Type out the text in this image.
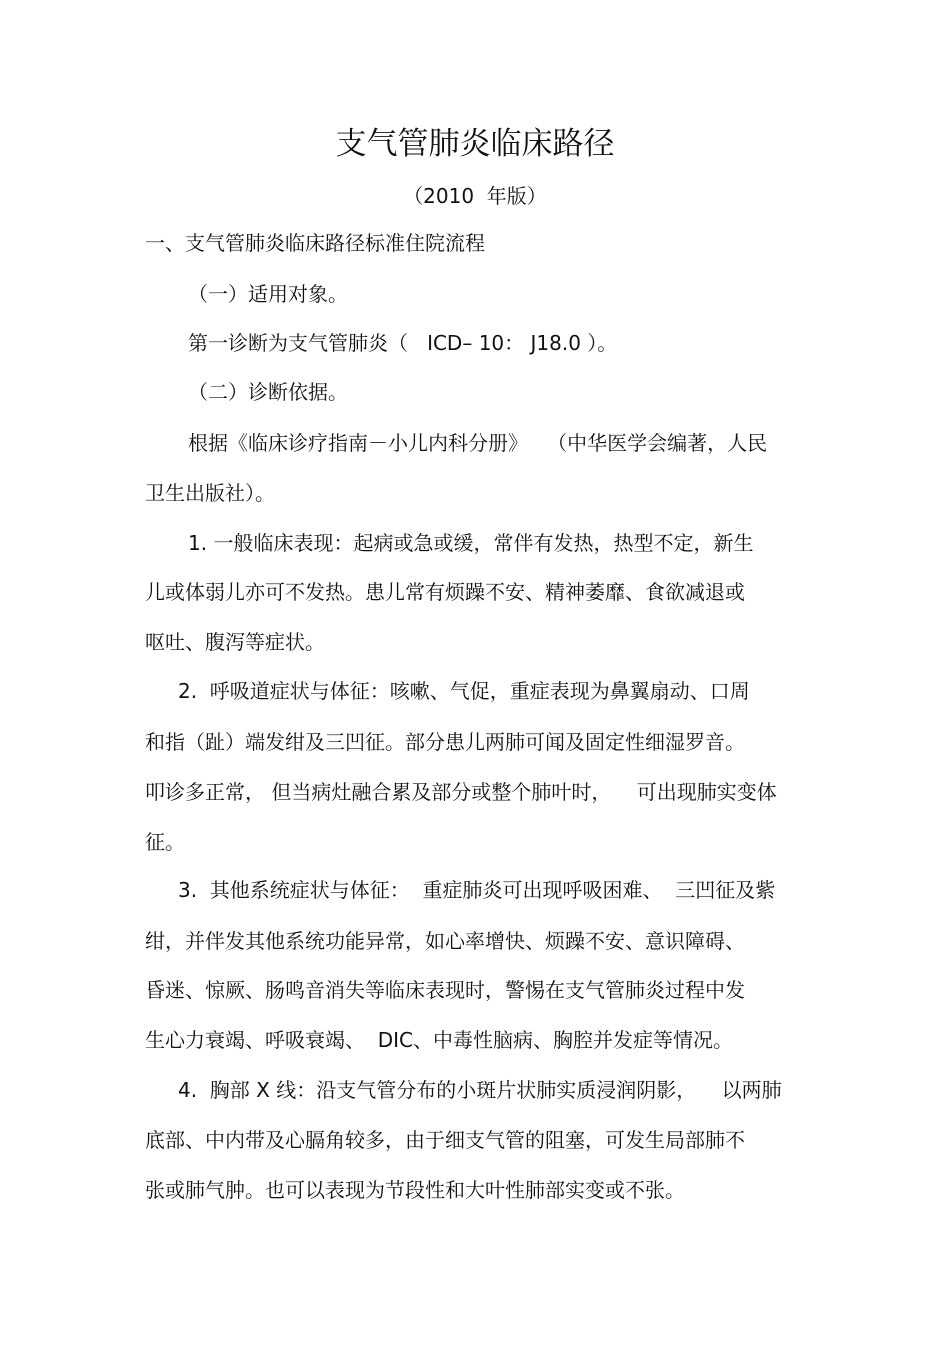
支气管肺炎临床路径
（2010  年版）
一、支气管肺炎临床路径标准住院流程
（一）适用对象。
第一诊断为支气管肺炎（   ICD– 10： J18.0 ）。
（二）诊断依据。
根据《临床诊疗指南－小儿内科分册》   （中华医学会编著，人民
卫生出版社）。
1. 一般临床表现：起病或急或缓，常伴有发热，热型不定，新生
儿或体弱儿亦可不发热。患儿常有烦躁不安、精神萎靡、食欲减退或
呕吐、腹泻等症状。
2.  呼吸道症状与体征：咳嗽、气促，重症表现为鼻翼扇动、口周
和指（趾）端发绀及三凹征。部分患儿两肺可闻及固定性细湿罗音。
叩诊多正常， 但当病灶融合累及部分或整个肺叶时，    可出现肺实变体
征。
3.  其他系统症状与体征：  重症肺炎可出现呼吸困难、  三凹征及紫
绀，并伴发其他系统功能异常，如心率增快、烦躁不安、意识障碍、
昏迷、惊厥、肠鸣音消失等临床表现时，警惕在支气管肺炎过程中发
生心力衰竭、呼吸衰竭、  DIC、中毒性脑病、胸腔并发症等情况。
4.  胸部 X 线：沿支气管分布的小斑片状肺实质浸润阴影，    以两肺
底部、中内带及心膈角较多，由于细支气管的阻塞，可发生局部肺不
张或肺气肿。也可以表现为节段性和大叶性肺部实变或不张。
